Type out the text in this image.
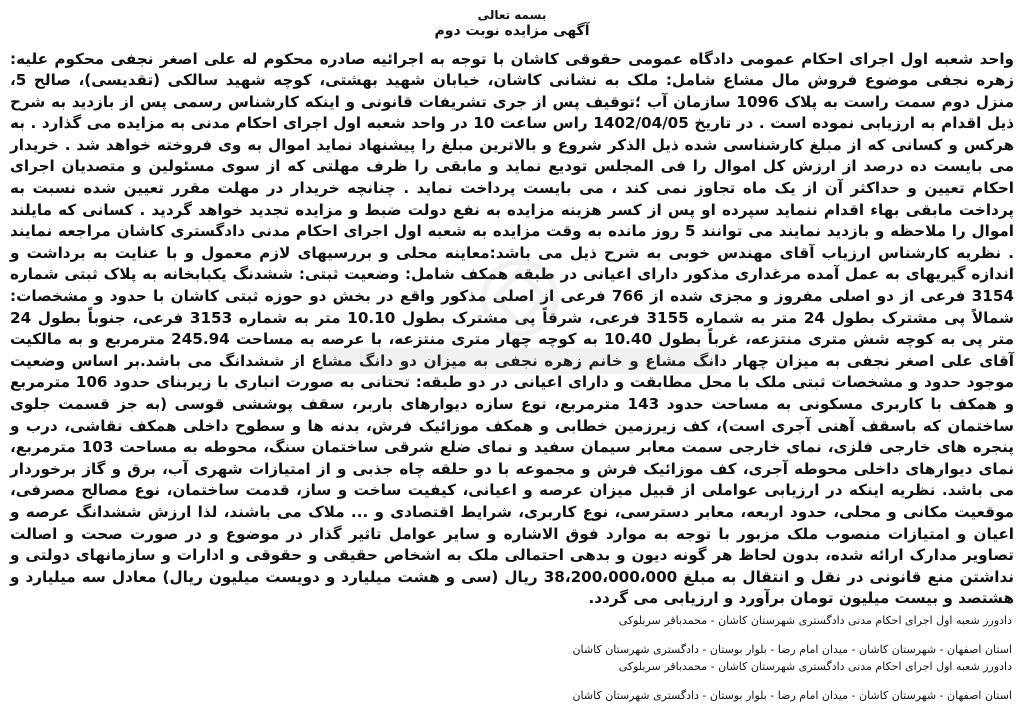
بسمه تعالی
آگهی مزایده نوبت دوم

واحد شعبه اول اجرای احکام عمومی دادگاه عمومی حقوقی کاشان با توجه به اجرائیه صادره محکوم له علی اصغر نجفی محکوم علیه: زهره نجفی موضوع فروش مال مشاع شامل: ملک به نشانی کاشان، خیابان شهید بهشتی، کوچه شهید سالکی (تقدیسی)، صالح 5، منزل دوم سمت راست به پلاک 1096 سازمان آب ؛توقیف پس از جری تشریفات قانونی و اینکه کارشناس رسمی پس از بازدید به شرح ذیل اقدام به ارزیابی نموده است . در تاریخ 1402/04/05 راس ساعت 10 در واحد شعبه اول اجرای احکام مدنی به مزایده می گذارد . به هرکس و کسانی که از مبلغ کارشناسی شده ذیل الذکر شروع و بالاترین مبلغ را پیشنهاد نماید اموال به وی فروخته خواهد شد . خریدار می بایست ده درصد از ارزش کل اموال را فی المجلس تودیع نماید و مابقی را ظرف مهلتی که از سوی مسئولین و متصدیان اجرای احکام تعیین و حداکثر آن از یک ماه تجاوز نمی کند ، می بایست پرداخت نماید . چنانچه خریدار در مهلت مقرر تعیین شده نسبت به پرداخت مابقی بهاء اقدام ننماید سپرده او پس از کسر هزینه مزایده به نفع دولت ضبط و مزایده تجدید خواهد گردید . کسانی که مایلند اموال را ملاحظه و بازدید نمایند می توانند 5 روز مانده به وقت مزایده به شعبه اول اجرای احکام مدنی دادگستری کاشان مراجعه نمایند . نظریه کارشناس ارزیاب آقای مهندس خوبی به شرح ذیل می باشد:معاینه محلی و بررسیهای لازم معمول و با عنایت به برداشت و اندازه گیریهای به عمل آمده مرغداری مذکور دارای اعیانی در طبقه همکف شامل: وضعیت ثبتی: ششدنگ یکبابخانه به پلاک ثبتی شماره 3154 فرعی از دو اصلی مفروز و مجزی شده از 766 فرعی از اصلی مذکور واقع در بخش دو حوزه ثبتی کاشان با حدود و مشخصات: شمالاً پی مشترک بطول 24 متر به شماره 3155 فرعی، شرقاً پی مشترک بطول 10.10 متر به شماره 3153 فرعی، جنوباً بطول 24 متر پی به کوچه شش متری منتزعه، غرباً بطول 10.40 به کوچه چهار متری منتزعه، با عرصه به مساحت 245.94 مترمربع و به مالکیت آقای علی اصغر نجفی به میزان چهار دانگ مشاع و خانم زهره نجفی به میزان دو دانگ مشاع از ششدانگ می باشد.بر اساس وضعیت موجود حدود و مشخصات ثبتی ملک با محل مطابقت و دارای اعیانی در دو طبقه: تحتانی به صورت انباری با زیربنای حدود 106 مترمربع و همکف با کاربری مسکونی به مساحت حدود 143 مترمربع، نوع سازه دیوارهای باربر، سقف پوششی قوسی (به جز قسمت جلوی ساختمان که باسقف آهنی آجری است)، کف زیرزمین خطابی و همکف موزائیک فرش، بدنه ها و سطوح داخلی همکف نقاشی، درب و پنجره های خارجی فلزی، نمای خارجی سمت معابر سیمان سفید و نمای ضلع شرقی ساختمان سنگ، محوطه به مساحت 103 مترمربع، نمای دیوارهای داخلی محوطه آجری، کف موزائیک فرش و مجموعه با دو حلقه چاه جذبی و از امتیازات شهری آب، برق و گاز برخوردار می باشد. نظریه اینکه در ارزیابی عواملی از قبیل میزان عرصه و اعیانی، کیفیت ساخت و ساز، قدمت ساختمان، نوع مصالح مصرفی، موقعیت مکانی و محلی، حدود اربعه، معابر دسترسی، نوع کاربری، شرایط اقتصادی و ... ملاک می باشند، لذا ارزش ششدانگ عرصه و اعیان و امتیازات منصوب ملک مزبور با توجه به موارد فوق الاشاره و سایر عوامل تاثیر گذار در موضوع و در صورت صحت و اصالت تصاویر مدارک ارائه شده، بدون لحاظ هر گونه دیون و بدهی احتمالی ملک به اشخاص حقیقی و حقوقی و ادارات و سازمانهای دولتی و نداشتن منع قانونی در نقل و انتقال به مبلغ 38،200،000،000 ریال (سی و هشت میلیارد و دویست میلیون ریال) معادل سه میلیارد و هشتصد و بیست میلیون تومان برآورد و ارزیابی می گردد.

دادورز شعبه اول اجرای احکام مدنی دادگستری شهرستان کاشان - محمدباقر سربلوکی

استان اصفهان - شهرستان کاشان - میدان امام رضا - بلوار بوستان - دادگستری شهرستان کاشان

دادورز شعبه اول اجرای احکام مدنی دادگستری شهرستان کاشان - محمدباقر سربلوکی

استان اصفهان - شهرستان کاشان - میدان امام رضا - بلوار بوستان - دادگستری شهرستان کاشان
